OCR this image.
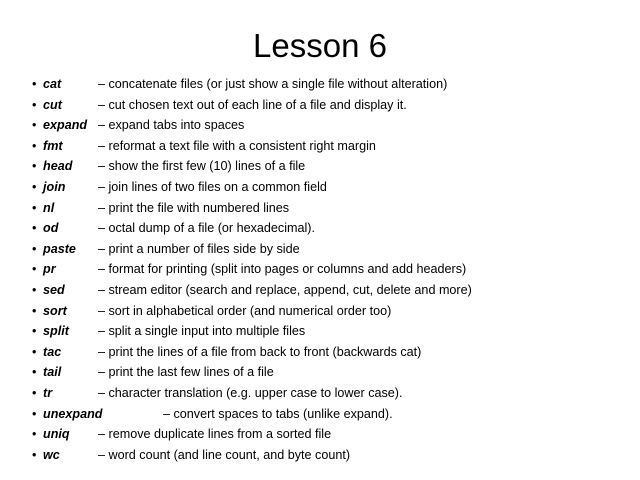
Lesson 6
• cat	– concatenate files (or just show a single file without alteration)
• cut	– cut chosen text out of each line of a file and display it.
• expand – expand tabs into spaces
• fmt	– reformat a text file with a consistent right margin
• head – show the first few (10) lines of a file
• join	– join lines of two files on a common field
• nl	– print the file with numbered lines
• od	– octal dump of a file (or hexadecimal).
• paste – print a number of files side by side
• pr	– format for printing (split into pages or columns and add headers)
• sed	– stream editor (search and replace, append, cut, delete and more)
• sort – sort in alphabetical order (and numerical order too)
• split – split a single input into multiple files
• tac	– print the lines of a file from back to front (backwards cat)
• tail	– print the last few lines of a file
• tr	– character translation (e.g. upper case to lower case).
• unexpand	– convert spaces to tabs (unlike expand).
• uniq – remove duplicate lines from a sorted file
• wc	– word count (and line count, and byte count)
